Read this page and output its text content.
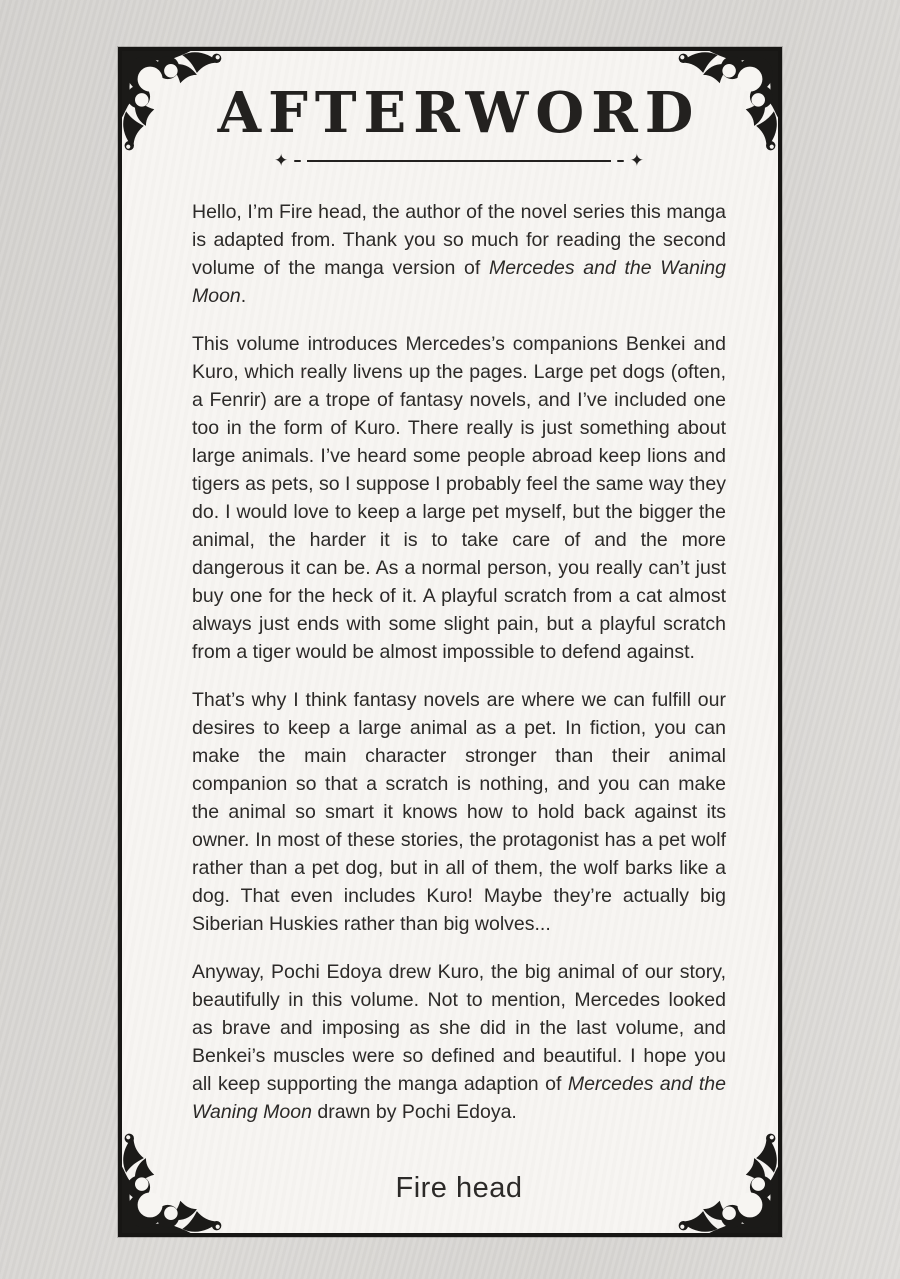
AFTERWORD
✦	✦

Hello, I’m Fire head, the author of the novel series this manga is adapted from. Thank you so much for reading the second volume of the manga version of Mercedes and the Waning Moon.

This volume introduces Mercedes’s companions Benkei and Kuro, which really livens up the pages. Large pet dogs (often, a Fenrir) are a trope of fantasy novels, and I’ve included one too in the form of Kuro. There really is just something about large animals. I’ve heard some people abroad keep lions and tigers as pets, so I suppose I probably feel the same way they do. I would love to keep a large pet myself, but the bigger the animal, the harder it is to take care of and the more dangerous it can be. As a normal person, you really can’t just buy one for the heck of it. A playful scratch from a cat almost always just ends with some slight pain, but a playful scratch from a tiger would be almost impossible to defend against.

That’s why I think fantasy novels are where we can fulfill our desires to keep a large animal as a pet. In fiction, you can make the main character stronger than their animal companion so that a scratch is nothing, and you can make the animal so smart it knows how to hold back against its owner. In most of these stories, the protagonist has a pet wolf rather than a pet dog, but in all of them, the wolf barks like a dog. That even includes Kuro! Maybe they’re actually big Siberian Huskies rather than big wolves...

Anyway, Pochi Edoya drew Kuro, the big animal of our story, beautifully in this volume. Not to mention, Mercedes looked as brave and imposing as she did in the last volume, and Benkei’s muscles were so defined and beautiful. I hope you all keep supporting the manga adaption of Mercedes and the Waning Moon drawn by Pochi Edoya.

Fire head
